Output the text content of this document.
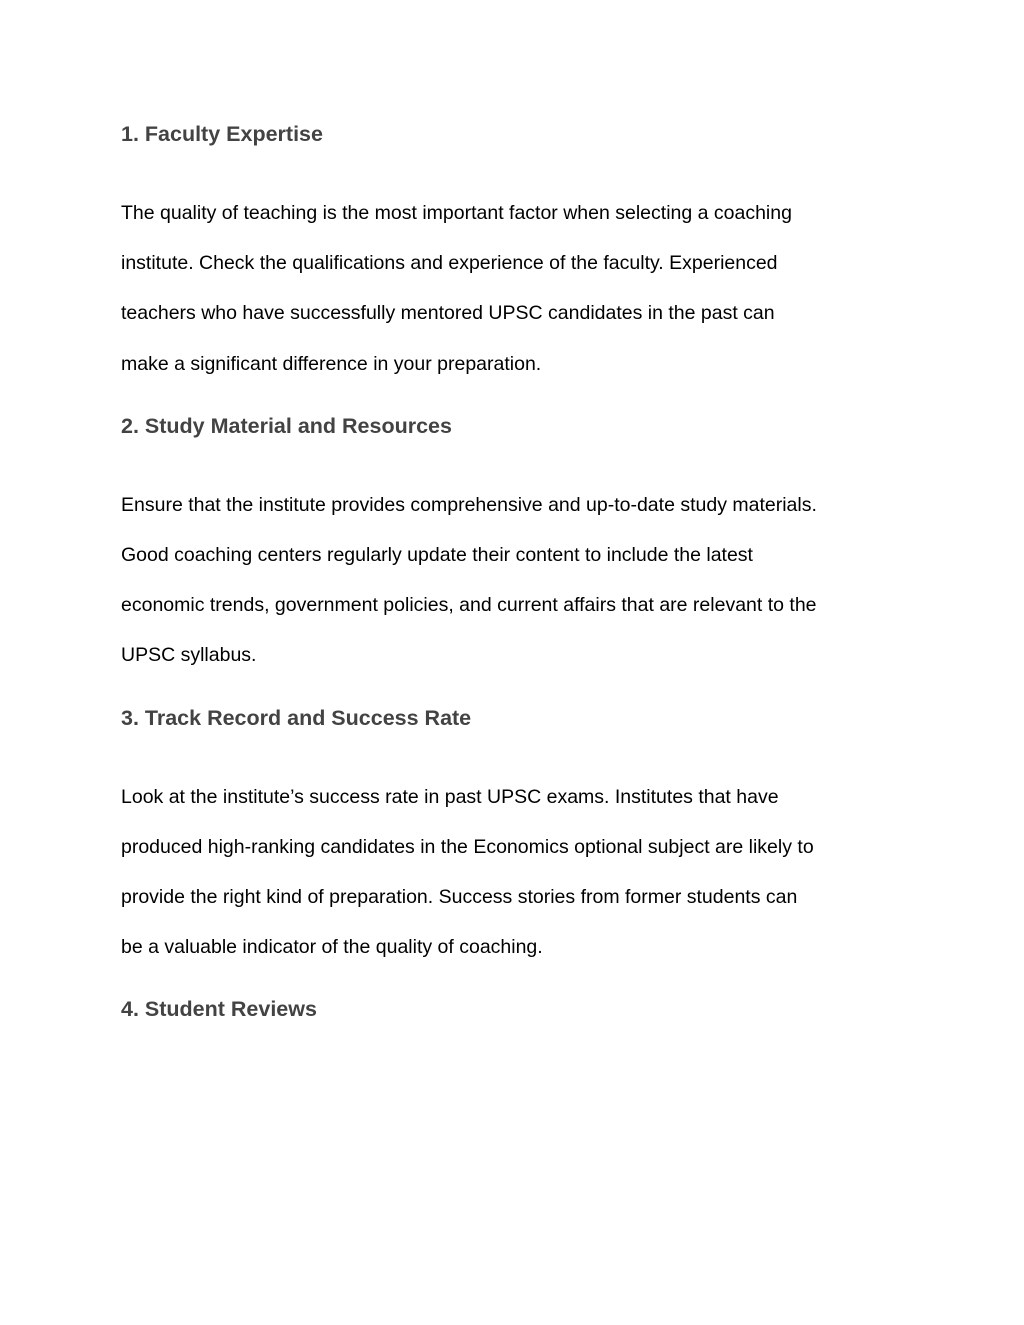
1. Faculty Expertise

The quality of teaching is the most important factor when selecting a coaching
institute. Check the qualifications and experience of the faculty. Experienced
teachers who have successfully mentored UPSC candidates in the past can
make a significant difference in your preparation.

2. Study Material and Resources

Ensure that the institute provides comprehensive and up-to-date study materials.
Good coaching centers regularly update their content to include the latest
economic trends, government policies, and current affairs that are relevant to the
UPSC syllabus.

3. Track Record and Success Rate

Look at the institute’s success rate in past UPSC exams. Institutes that have
produced high-ranking candidates in the Economics optional subject are likely to
provide the right kind of preparation. Success stories from former students can
be a valuable indicator of the quality of coaching.

4. Student Reviews
